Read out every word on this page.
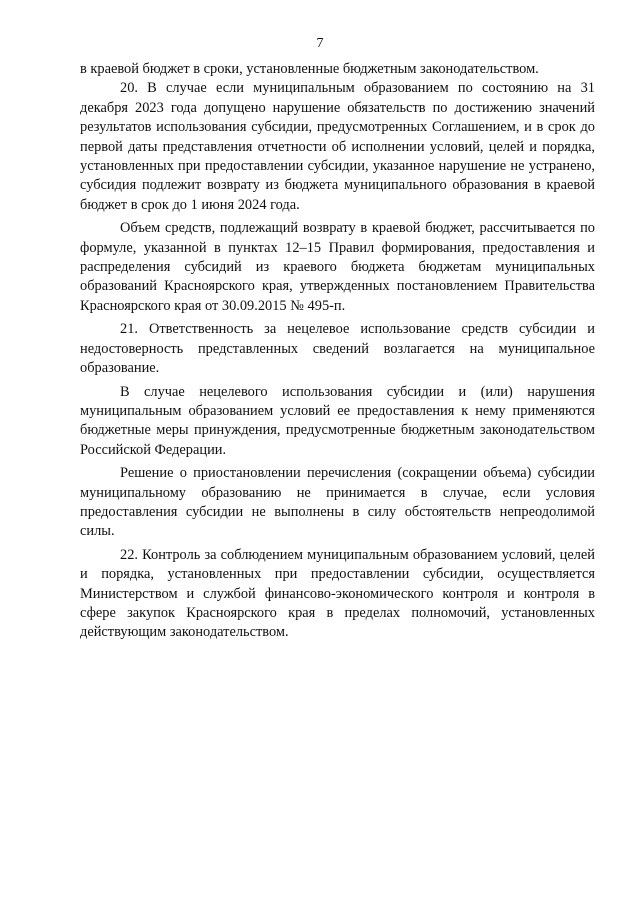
7

в краевой бюджет в сроки, установленные бюджетным законодательством.

20. В случае если муниципальным образованием по состоянию на 31 декабря 2023 года допущено нарушение обязательств по достижению значений результатов использования субсидии, предусмотренных Соглашением, и в срок до первой даты представления отчетности об исполнении условий, целей и порядка, установленных при предоставлении субсидии, указанное нарушение не устранено, субсидия подлежит возврату из бюджета муниципального образования в краевой бюджет в срок до 1 июня 2024 года.

Объем средств, подлежащий возврату в краевой бюджет, рассчитывается по формуле, указанной в пунктах 12–15 Правил формирования, предоставления и распределения субсидий из краевого бюджета бюджетам муниципальных образований Красноярского края, утвержденных постановлением Правительства Красноярского края от 30.09.2015 № 495-п.

21. Ответственность за нецелевое использование средств субсидии и недостоверность представленных сведений возлагается на муниципальное образование.

В случае нецелевого использования субсидии и (или) нарушения муниципальным образованием условий ее предоставления к нему применяются бюджетные меры принуждения, предусмотренные бюджетным законодательством Российской Федерации.

Решение о приостановлении перечисления (сокращении объема) субсидии муниципальному образованию не принимается в случае, если условия предоставления субсидии не выполнены в силу обстоятельств непреодолимой силы.

22. Контроль за соблюдением муниципальным образованием условий, целей и порядка, установленных при предоставлении субсидии, осуществляется Министерством и службой финансово-экономического контроля и контроля в сфере закупок Красноярского края в пределах полномочий, установленных действующим законодательством.
